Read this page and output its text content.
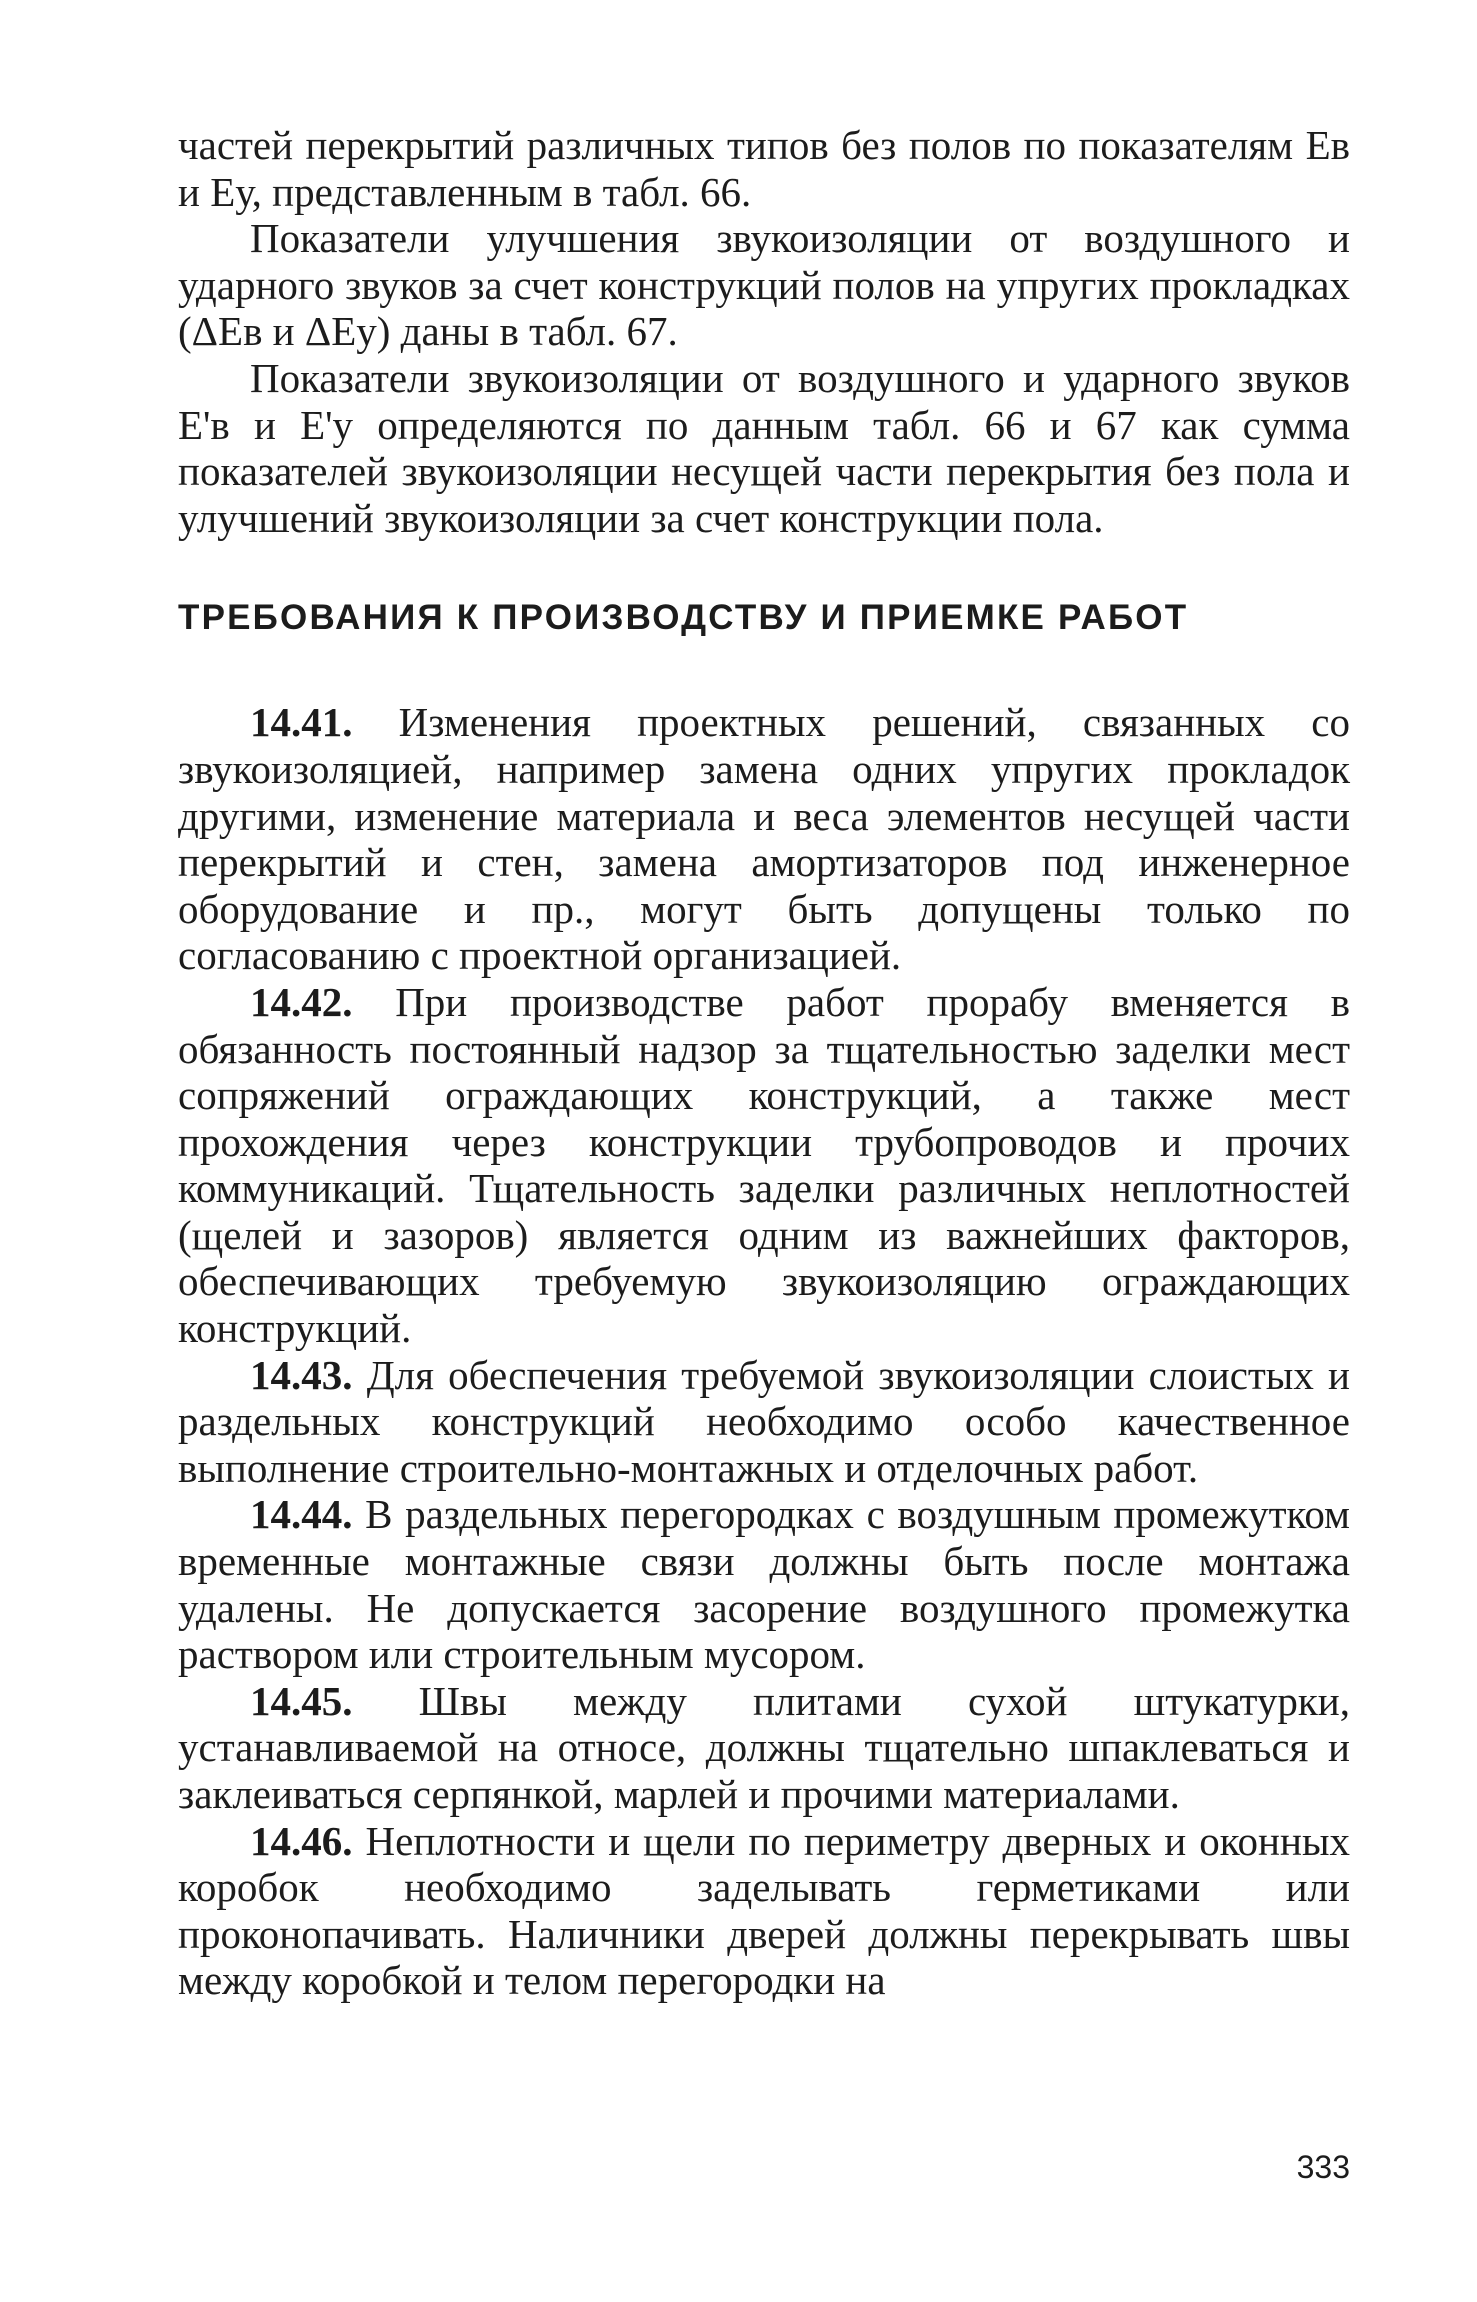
частей перекрытий различных типов без полов по показателям Ев и Еу, представленным в табл. 66.

Показатели улучшения звукоизоляции от воздушного и ударного звуков за счет конструкций полов на упругих прокладках (ΔЕв и ΔЕу) даны в табл. 67.

Показатели звукоизоляции от воздушного и ударного звуков Е'в и Е'у определяются по данным табл. 66 и 67 как сумма показателей звукоизоляции несущей части перекрытия без пола и улучшений звукоизоляции за счет конструкции пола.

ТРЕБОВАНИЯ К ПРОИЗВОДСТВУ И ПРИЕМКЕ РАБОТ

14.41. Изменения проектных решений, связанных со звукоизоляцией, например замена одних упругих прокладок другими, изменение материала и веса элементов несущей части перекрытий и стен, замена амортизаторов под инженерное оборудование и пр., могут быть допущены только по согласованию с проектной организацией.

14.42. При производстве работ прорабу вменяется в обязанность постоянный надзор за тщательностью заделки мест сопряжений ограждающих конструкций, а также мест прохождения через конструкции трубопроводов и прочих коммуникаций. Тщательность заделки различных неплотностей (щелей и зазоров) является одним из важнейших факторов, обеспечивающих требуемую звукоизоляцию ограждающих конструкций.

14.43. Для обеспечения требуемой звукоизоляции слоистых и раздельных конструкций необходимо особо качественное выполнение строительно-монтажных и отделочных работ.

14.44. В раздельных перегородках с воздушным промежутком временные монтажные связи должны быть после монтажа удалены. Не допускается засорение воздушного промежутка раствором или строительным мусором.

14.45. Швы между плитами сухой штукатурки, устанавливаемой на относе, должны тщательно шпаклеваться и заклеиваться серпянкой, марлей и прочими материалами.

14.46. Неплотности и щели по периметру дверных и оконных коробок необходимо заделывать герметиками или проконопачивать. Наличники дверей должны перекрывать швы между коробкой и телом перегородки на

333
